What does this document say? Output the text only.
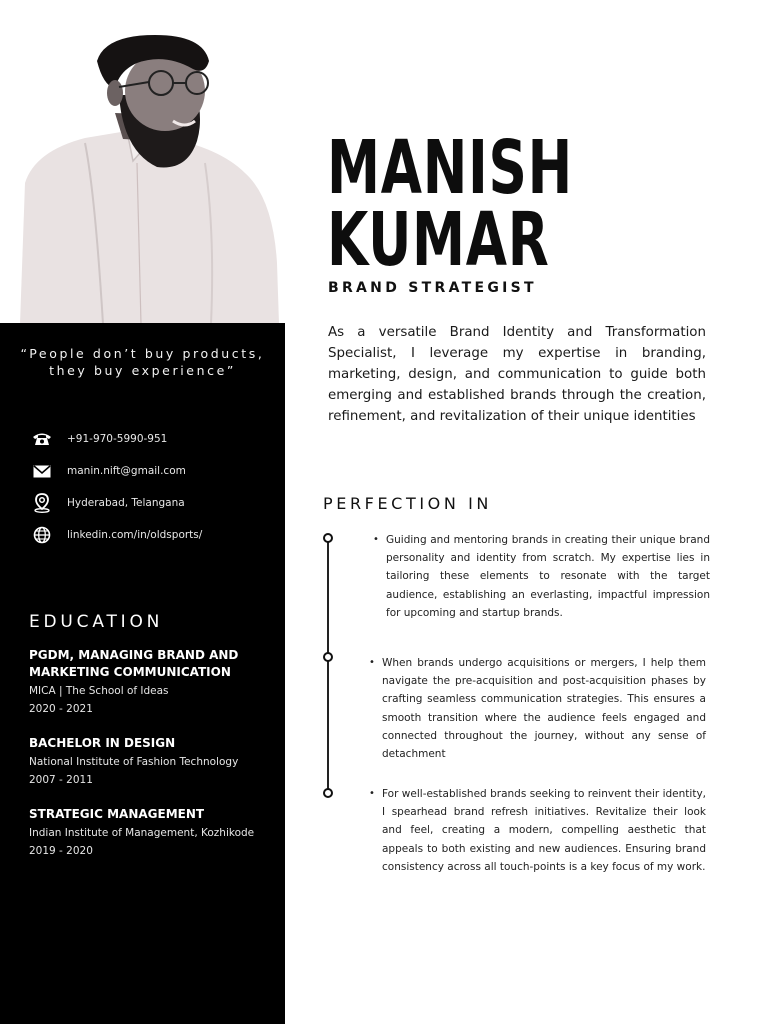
“People don’t buy products,
they buy experience”
+91-970-5990-951
manin.nift@gmail.com
Hyderabad, Telangana
linkedin.com/in/oldsports/
EDUCATION
PGDM, MANAGING BRAND AND MARKETING COMMUNICATION
MICA | The School of Ideas
2020 - 2021
BACHELOR IN DESIGN
National Institute of Fashion Technology
2007 - 2011
STRATEGIC MANAGEMENT
Indian Institute of Management, Kozhikode
2019 - 2020
MANISH
KUMAR
BRAND STRATEGIST

As a versatile Brand Identity and Transformation Specialist, I leverage my expertise in branding, marketing, design, and communication to guide both emerging and established brands through the creation, refinement, and revitalization of their unique identities

PERFECTION IN
• Guiding and mentoring brands in creating their unique brand personality and identity from scratch. My expertise lies in tailoring these elements to resonate with the target audience, establishing an everlasting, impactful impression for upcoming and startup brands.
• When brands undergo acquisitions or mergers, I help them navigate the pre-acquisition and post-acquisition phases by crafting seamless communication strategies. This ensures a smooth transition where the audience feels engaged and connected throughout the journey, without any sense of detachment
• For well-established brands seeking to reinvent their identity, I spearhead brand refresh initiatives. Revitalize their look and feel, creating a modern, compelling aesthetic that appeals to both existing and new audiences. Ensuring brand consistency across all touch-points is a key focus of my work.
